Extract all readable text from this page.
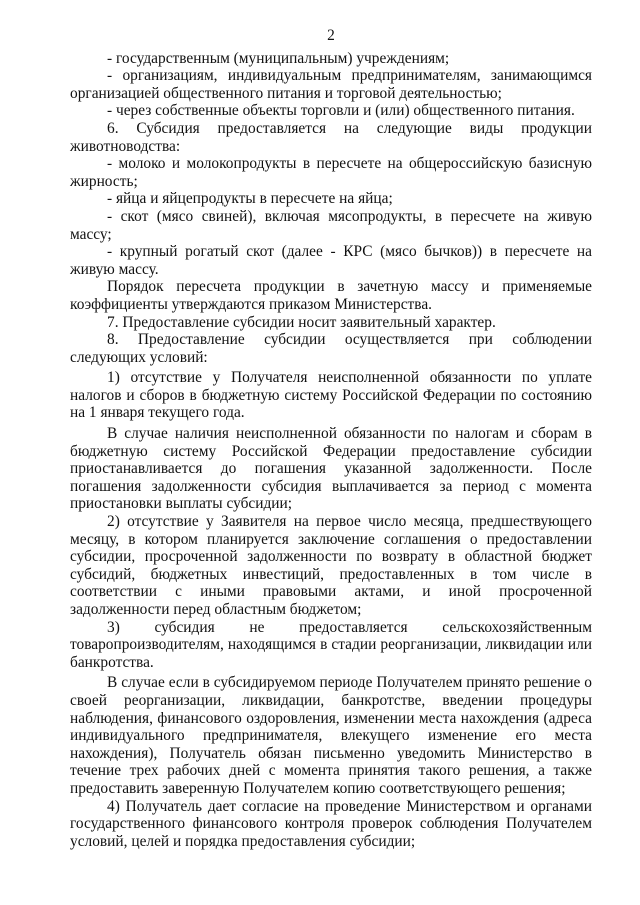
2

- государственным (муниципальным) учреждениям;

- организациям, индивидуальным предпринимателям, занимающимся организацией общественного питания и торговой деятельностью;

- через собственные объекты торговли и (или) общественного питания.

6. Субсидия предоставляется на следующие виды продукции животноводства:

- молоко и молокопродукты в пересчете на общероссийскую базисную жирность;

- яйца и яйцепродукты в пересчете на яйца;

- скот (мясо свиней), включая мясопродукты, в пересчете на живую массу;

- крупный рогатый скот (далее - КРС (мясо бычков)) в пересчете на живую массу.

Порядок пересчета продукции в зачетную массу и применяемые коэффициенты утверждаются приказом Министерства.

7. Предоставление субсидии носит заявительный характер.

8. Предоставление субсидии осуществляется при соблюдении следующих условий:

1) отсутствие у Получателя неисполненной обязанности по уплате налогов и сборов в бюджетную систему Российской Федерации по состоянию на 1 января текущего года.

В случае наличия неисполненной обязанности по налогам и сборам в бюджетную систему Российской Федерации предоставление субсидии приостанавливается до погашения указанной задолженности. После погашения задолженности субсидия выплачивается за период с момента приостановки выплаты субсидии;

2) отсутствие у Заявителя на первое число месяца, предшествующего месяцу, в котором планируется заключение соглашения о предоставлении субсидии, просроченной задолженности по возврату в областной бюджет субсидий, бюджетных инвестиций, предоставленных в том числе в соответствии с иными правовыми актами, и иной просроченной задолженности перед областным бюджетом;

3) субсидия не предоставляется сельскохозяйственным товаропроизводителям, находящимся в стадии реорганизации, ликвидации или банкротства.

В случае если в субсидируемом периоде Получателем принято решение о своей реорганизации, ликвидации, банкротстве, введении процедуры наблюдения, финансового оздоровления, изменении места нахождения (адреса индивидуального предпринимателя, влекущего изменение его места нахождения), Получатель обязан письменно уведомить Министерство в течение трех рабочих дней с момента принятия такого решения, а также предоставить заверенную Получателем копию соответствующего решения;

4) Получатель дает согласие на проведение Министерством и органами государственного финансового контроля проверок соблюдения Получателем условий, целей и порядка предоставления субсидии;
